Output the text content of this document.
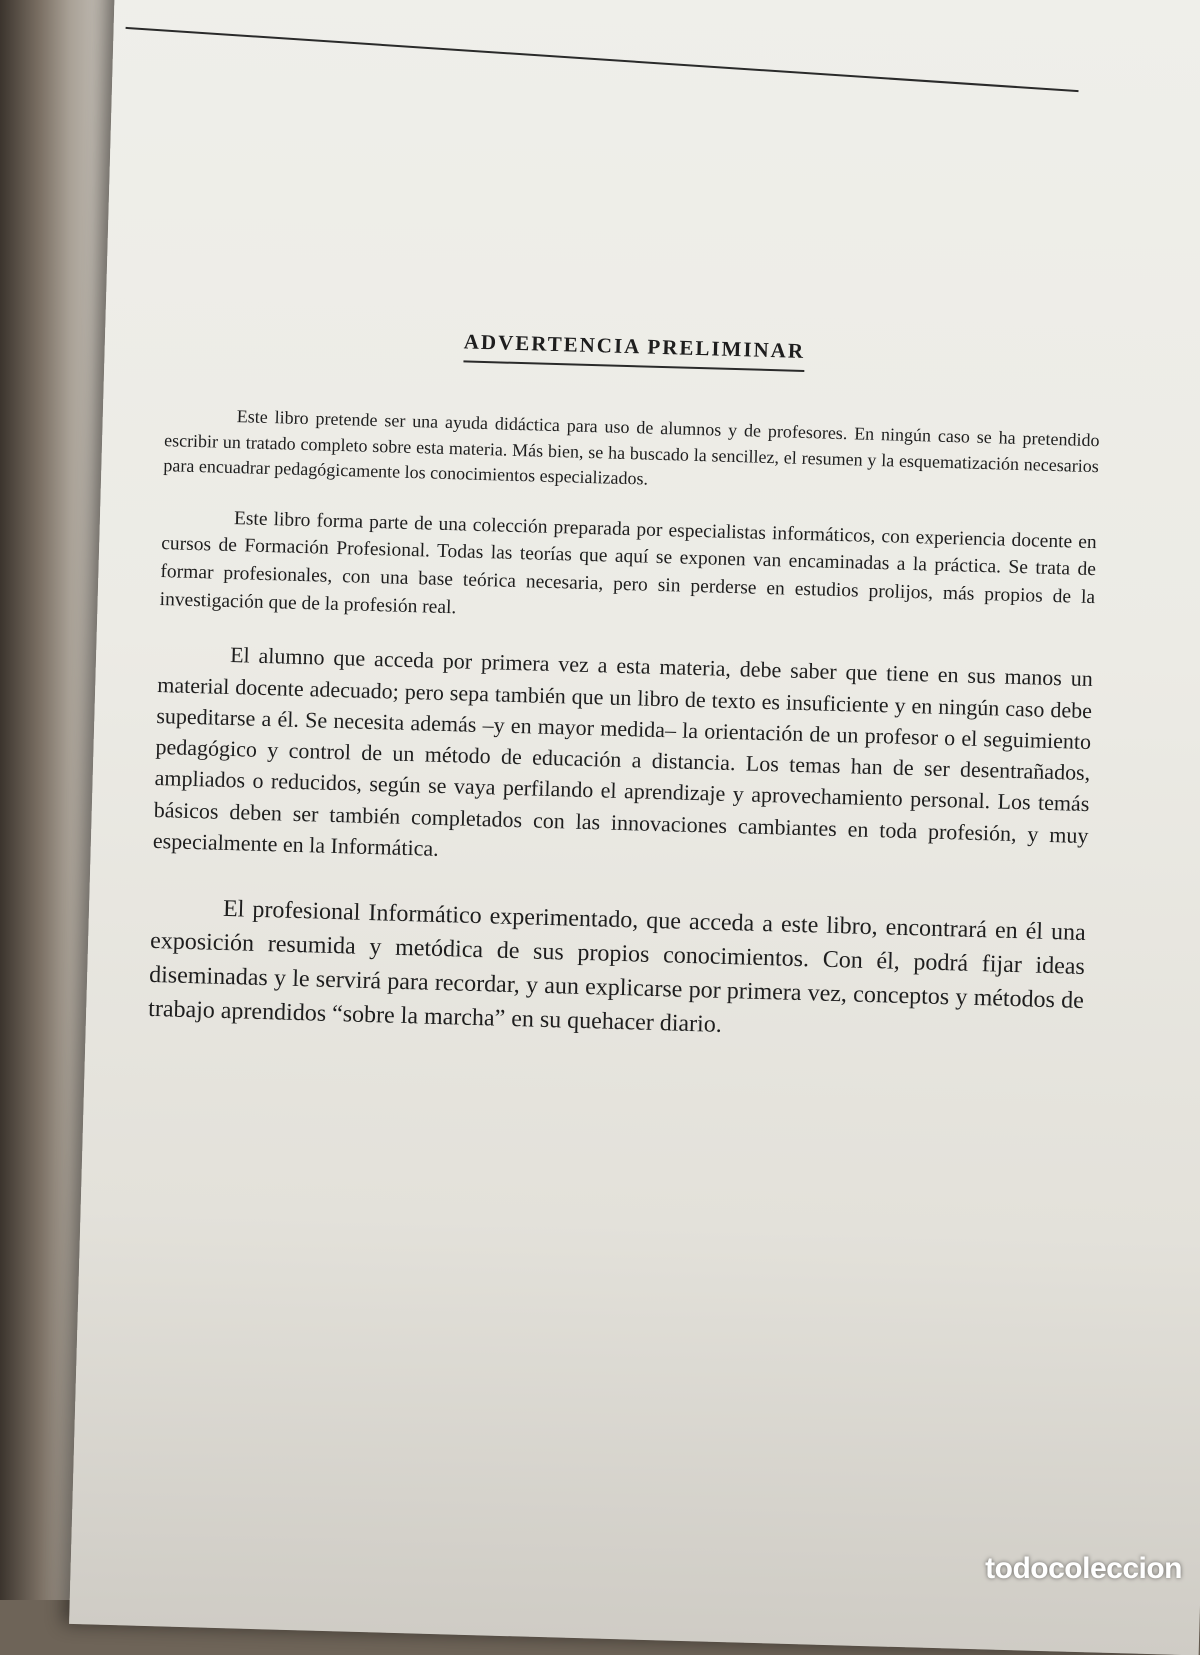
ADVERTENCIA PRELIMINAR

Este libro pretende ser una ayuda didáctica para uso de alumnos y de profesores. En ningún caso se ha pretendido escribir un tratado completo sobre esta materia. Más bien, se ha buscado la sencillez, el resumen y la esquematización necesarios para encuadrar pedagógicamente los conocimientos especializados.

Este libro forma parte de una colección preparada por especialistas informáticos, con experiencia docente en cursos de Formación Profesional. Todas las teorías que aquí se exponen van encaminadas a la práctica. Se trata de formar profesionales, con una base teórica necesaria, pero sin perderse en estudios prolijos, más propios de la investigación que de la profesión real.

El alumno que acceda por primera vez a esta materia, debe saber que tiene en sus manos un material docente adecuado; pero sepa también que un libro de texto es insuficiente y en ningún caso debe supeditarse a él. Se necesita además –y en mayor medida– la orientación de un profesor o el seguimiento pedagógico y control de un método de educación a distancia. Los temas han de ser desentrañados, ampliados o reducidos, según se vaya perfilando el aprendizaje y aprovechamiento personal. Los temás básicos deben ser también completados con las innovaciones cambiantes en toda profesión, y muy especialmente en la Informática.

El profesional Informático experimentado, que acceda a este libro, encontrará en él una exposición resumida y metódica de sus propios conocimientos. Con él, podrá fijar ideas diseminadas y le servirá para recordar, y aun explicarse por primera vez, conceptos y métodos de trabajo aprendidos “sobre la marcha” en su quehacer diario.

todocoleccion
